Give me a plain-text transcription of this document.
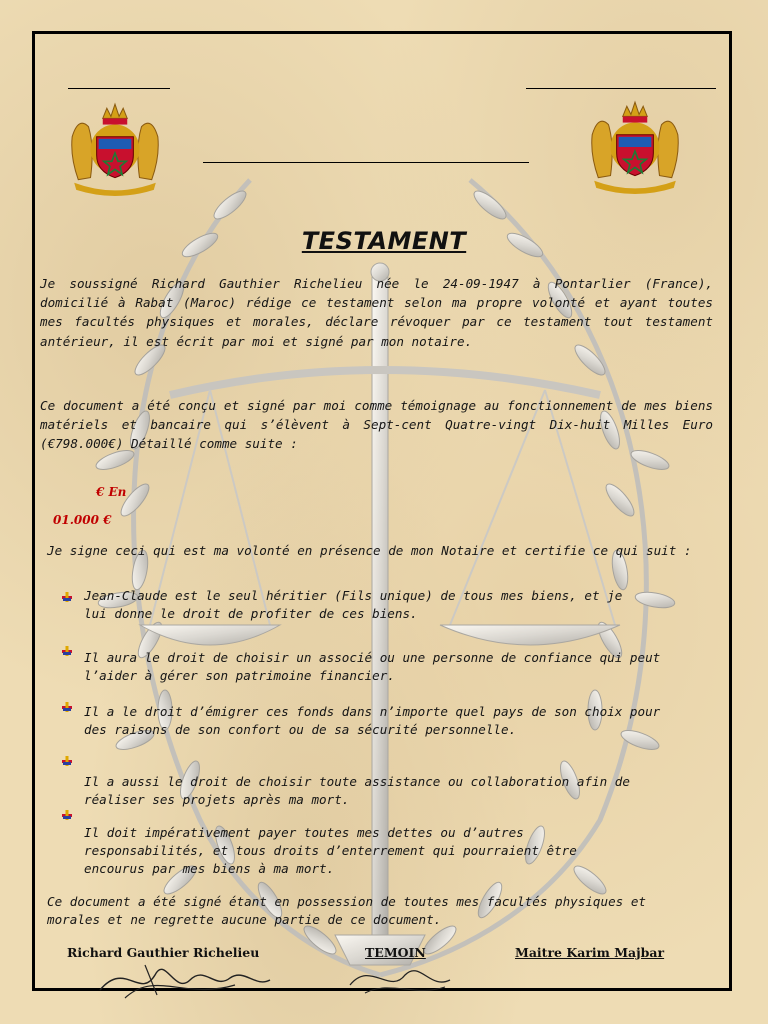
TESTAMENT

Je soussigné Richard Gauthier Richelieu née le 24-09-1947 à Pontarlier (France), domicilié à Rabat (Maroc) rédige ce testament selon ma propre volonté et ayant toutes mes facultés physiques et morales, déclare révoquer par ce testament tout testament antérieur, il est écrit par moi et signé par mon notaire.

Ce document a été conçu et signé par moi comme témoignage au fonctionnement de mes biens matériels et bancaire qui s’élèvent à Sept-cent Quatre-vingt Dix-huit Milles Euro (€798.000€) Détaillé comme suite :

€ En
01.000 €

Je signe ceci qui est ma volonté en présence de mon Notaire et certifie ce qui suit :

Jean-Claude est le seul héritier (Fils unique) de tous mes biens, et je lui donne le droit de profiter de ces biens.

Il aura le droit de choisir un associé ou une personne de confiance qui peut l’aider à gérer son patrimoine financier.

Il a le droit d’émigrer ces fonds dans n’importe quel pays de son choix pour des raisons de son confort ou de sa sécurité personnelle.

Il a aussi le droit de choisir toute assistance ou collaboration afin de réaliser ses projets après ma mort.

Il doit impérativement payer toutes mes dettes ou d’autres responsabilités, et tous droits d’enterrement qui pourraient être encourus par mes biens à ma mort.

Ce document a été signé étant en possession de toutes mes facultés physiques et morales et ne regrette aucune partie de ce document.

Richard Gauthier Richelieu	TEMOIN	Maitre Karim Majbar
